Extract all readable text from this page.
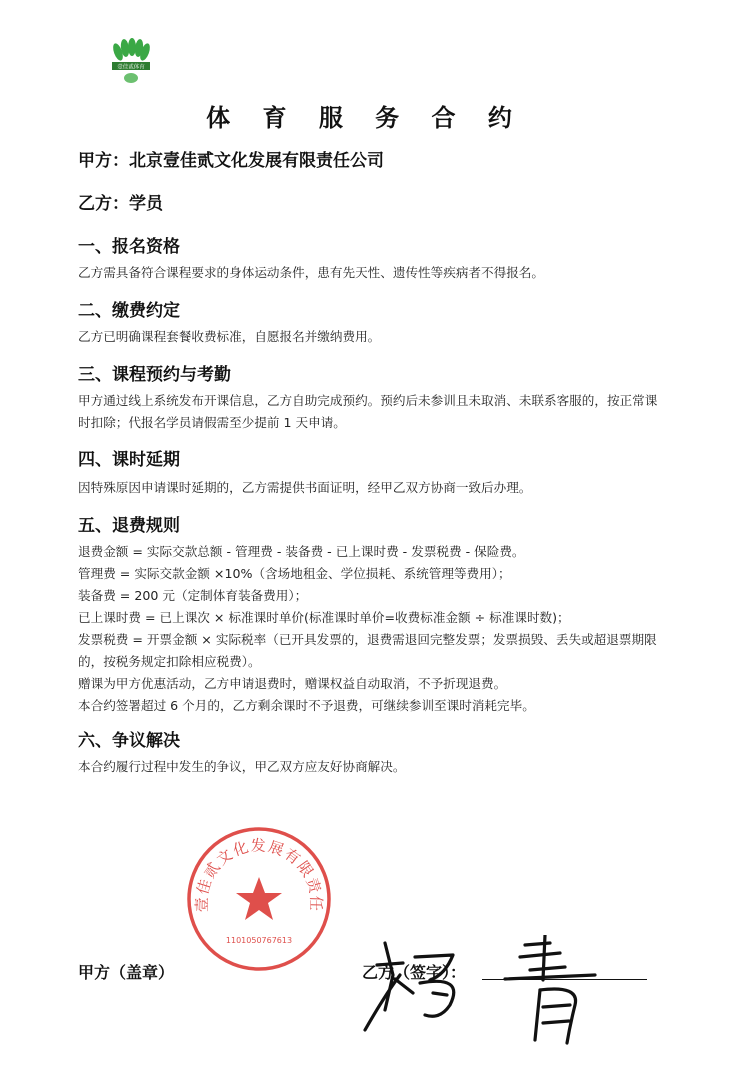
壹佳贰体育
体 育 服 务 合 约
甲方：北京壹佳贰文化发展有限责任公司
乙方：学员
一、报名资格
乙方需具备符合课程要求的身体运动条件，患有先天性、遗传性等疾病者不得报名。
二、缴费约定
乙方已明确课程套餐收费标准，自愿报名并缴纳费用。
三、课程预约与考勤
甲方通过线上系统发布开课信息，乙方自助完成预约。预约后未参训且未取消、未联系客服的，按正常课时扣除；代报名学员请假需至少提前 1 天申请。
四、课时延期
因特殊原因申请课时延期的，乙方需提供书面证明，经甲乙双方协商一致后办理。
五、退费规则
退费金额 = 实际交款总额 - 管理费 - 装备费 - 已上课时费 - 发票税费 - 保险费。
管理费 = 实际交款金额 ×10%（含场地租金、学位损耗、系统管理等费用）；
装备费 = 200 元（定制体育装备费用）；
已上课时费 = 已上课次 × 标准课时单价(标准课时单价=收费标准金额 ÷ 标准课时数)；
发票税费 = 开票金额 × 实际税率（已开具发票的，退费需退回完整发票；发票损毁、丢失或超退票期限的，按税务规定扣除相应税费）。
赠课为甲方优惠活动，乙方申请退费时，赠课权益自动取消，不予折现退费。
本合约签署超过 6 个月的，乙方剩余课时不予退费，可继续参训至课时消耗完毕。
六、争议解决
本合约履行过程中发生的争议，甲乙双方应友好协商解决。
壹佳贰文化发展有限责任
1101050767613
甲方（盖章）	乙方（签字）：
